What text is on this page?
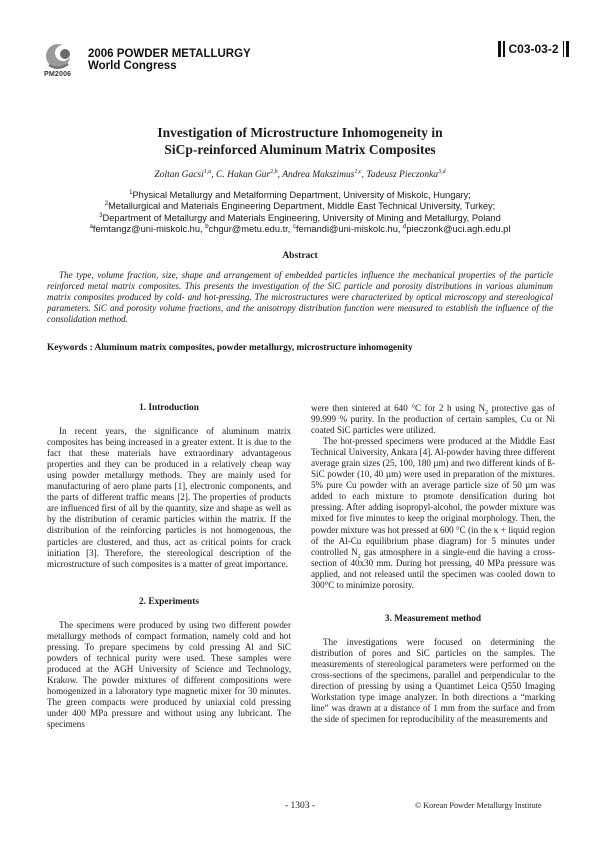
PM2006
2006 POWDER METALLURGY
World Congress
C03-03-2
Investigation of Microstructure Inhomogeneity in
SiCp-reinforced Aluminum Matrix Composites
Zoltan Gacsi$^{1,a}$, C. Hakan Gur$^{2,b}$, Andrea Makszimus$^{1,c}$, Tadeusz Pieczonka$^{3,d}$
$^1$Physical Metallurgy and Metalforming Department, University of Miskolc, Hungary;
$^2$Metallurgical and Materials Engineering Department, Middle East Technical University, Turkey;
$^3$Department of Metallurgy and Materials Engineering, University of Mining and Metallurgy, Poland
$^a$femtangz@uni-miskolc.hu, $^b$chgur@metu.edu.tr, $^c$femandi@uni-miskolc.hu, $^d$pieczonk@uci.agh.edu.pl
Abstract
The type, volume fraction, size, shape and arrangement of embedded particles influence the mechanical properties of the particle reinforced metal matrix composites. This presents the investigation of the SiC particle and porosity distributions in various aluminum matrix composites produced by cold- and hot-pressing. The microstructures were characterized by optical microscopy and stereological parameters. SiC and porosity volume fractions, and the anisotropy distribution function were measured to establish the influence of the consolidation method.
Keywords : Aluminum matrix composites, powder metallurgy, microstructure inhomogenity
1. Introduction

In recent years, the significance of aluminum matrix composites has being increased in a greater extent. It is due to the fact that these materials have extraordinary advantageous properties and they can be produced in a relatively cheap way using powder metallurgy methods. They are mainly used for manufacturing of aero plane parts [1], electronic components, and the parts of different traffic means [2]. The properties of products are influenced first of all by the quantity, size and shape as well as by the distribution of ceramic particles within the matrix. If the distribution of the reinforcing particles is not homogenous, the particles are clustered, and thus, act as critical points for crack initiation [3]. Therefore, the stereological description of the microstructure of such composites is a matter of great importance.

2. Experiments

The specimens were produced by using two different powder metallurgy methods of compact formation, namely cold and hot pressing. To prepare specimens by cold pressing Al and SiC powders of technical purity were used. These samples were produced at the AGH University of Science and Technology, Krakow. The powder mixtures of different compositions were homogenized in a laboratory type magnetic mixer for 30 minutes. The green compacts were produced by uniaxial cold pressing under 400 MPa pressure and without using any lubricant. The specimens

were then sintered at 640 °C for 2 h using $N_2$ protective gas of 99.999 % purity. In the production of certain samples, Cu or Ni coated SiC particles were utilized.

The hot-pressed specimens were produced at the Middle East Technical University, Ankara [4]. Al-powder having three different average grain sizes (25, 100, 180 µm) and two different kinds of ß-SiC powder (10, 40 µm) were used in preparation of the mixtures. 5% pure Cu powder with an average particle size of 50 µm was added to each mixture to promote densification during hot pressing. After adding isopropyl-alcohol, the powder mixture was mixed for five minutes to keep the original morphology. Then, the powder mixture was hot pressed at 600 °C (in the κ + liquid region of the Al-Cu equilibrium phase diagram) for 5 minutes under controlled $N_2$ gas atmosphere in a single-end die having a cross-section of 40x30 mm. During hot pressing, 40 MPa pressure was applied, and not released until the specimen was cooled down to 300°C to minimize porosity.

3. Measurement method

The investigations were focused on determining the distribution of pores and SiC particles on the samples. The measurements of stereological parameters were performed on the cross-sections of the specimens, parallel and perpendicular to the direction of pressing by using a Quantimet Leica Q550 Imaging Workstation type image analyzer. In both directions a “marking line” was drawn at a distance of 1 mm from the surface and from the side of specimen for reproducibility of the measurements and

- 1303 -	© Korean Powder Metallurgy Institute
